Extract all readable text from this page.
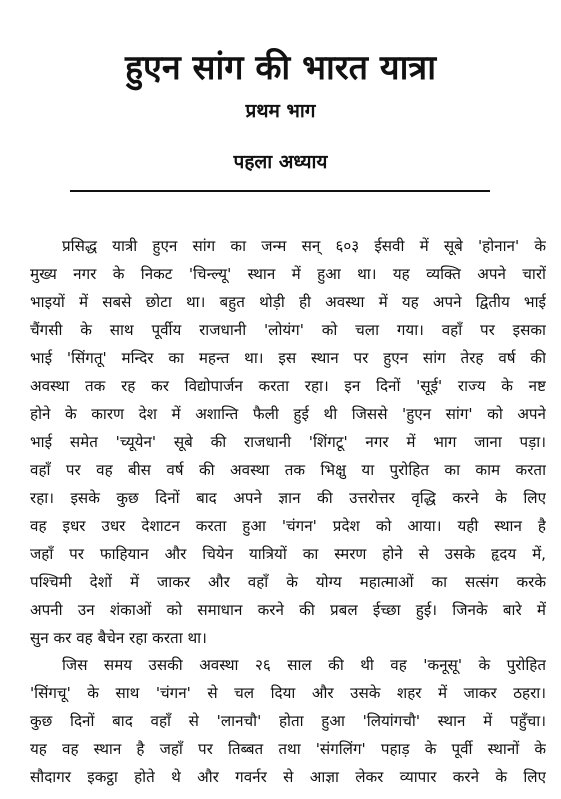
हुएन सांग की भारत यात्रा
प्रथम भाग
पहला अध्याय
प्रसिद्ध यात्री हुएन सांग का जन्म सन् ६०३ ईसवी में सूबे 'होनान' के
मुख्य नगर के निकट 'चिन्ल्यू' स्थान में हुआ था। यह व्यक्ति अपने चारों
भाइयों में सबसे छोटा था। बहुत थोड़ी ही अवस्था में यह अपने द्वितीय भाई
चैंगसी के साथ पूर्वीय राजधानी 'लोयंग' को चला गया। वहाँ पर इसका
भाई 'सिंगतू' मन्दिर का महन्त था। इस स्थान पर हुएन सांग तेरह वर्ष की
अवस्था तक रह कर विद्योपार्जन करता रहा। इन दिनों 'सूई' राज्य के नष्ट
होने के कारण देश में अशान्ति फैली हुई थी जिससे 'हुएन सांग' को अपने
भाई समेत 'च्यूयेन' सूबे की राजधानी 'शिंगटू' नगर में भाग जाना पड़ा।
वहाँ पर वह बीस वर्ष की अवस्था तक भिक्षु या पुरोहित का काम करता
रहा। इसके कुछ दिनों बाद अपने ज्ञान की उत्तरोत्तर वृद्धि करने के लिए
वह इधर उधर देशाटन करता हुआ 'चंगन' प्रदेश को आया। यही स्थान है
जहाँ पर फाहियान और चियेन यात्रियों का स्मरण होने से उसके हृदय में,
पश्चिमी देशों में जाकर और वहाँ के योग्य महात्माओं का सत्संग करके
अपनी उन शंकाओं को समाधान करने की प्रबल ईच्छा हुई। जिनके बारे में
सुन कर वह बैचेन रहा करता था।
जिस समय उसकी अवस्था २६ साल की थी वह 'कनूसू' के पुरोहित
'सिंगचू' के साथ 'चंगन' से चल दिया और उसके शहर में जाकर ठहरा।
कुछ दिनों बाद वहाँ से 'लानचौ' होता हुआ 'लियांगचौ' स्थान में पहुँचा।
यह वह स्थान है जहाँ पर तिब्बत तथा 'संगलिंग' पहाड़ के पूर्वी स्थानों के
सौदागर इकट्ठा होते थे और गवर्नर से आज्ञा लेकर व्यापार करने के लिए
